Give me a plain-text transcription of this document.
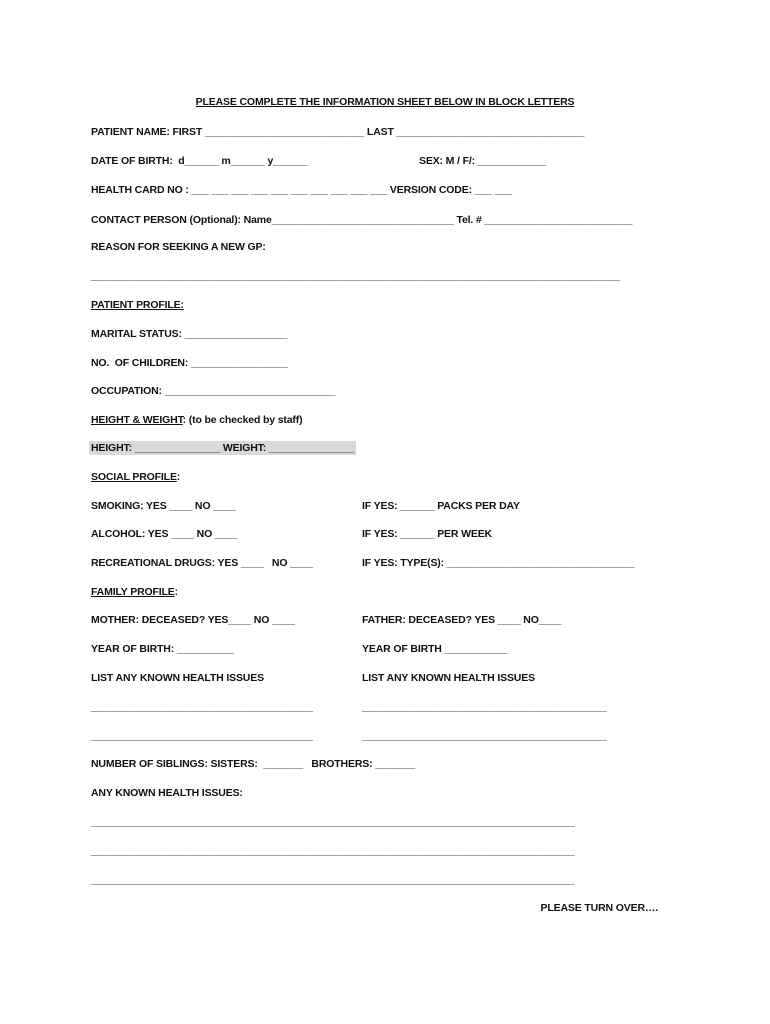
PLEASE COMPLETE THE INFORMATION SHEET BELOW IN BLOCK LETTERS
PATIENT NAME: FIRST ____________________________ LAST _________________________________
DATE OF BIRTH:  d______ m______ y______	SEX: M / F/: ____________
HEALTH CARD NO : ___ ___ ___ ___ ___ ___ ___ ___ ___ ___ VERSION CODE: ___ ___
CONTACT PERSON (Optional): Name________________________________ Tel. # __________________________
REASON FOR SEEKING A NEW GP:
_____________________________________________________________________________________________
PATIENT PROFILE:
MARITAL STATUS: __________________
NO.  OF CHILDREN: _________________
OCCUPATION: ______________________________
HEIGHT & WEIGHT: (to be checked by staff)
HEIGHT: _______________ WEIGHT: _______________
SOCIAL PROFILE:
SMOKING: YES ____ NO ____	IF YES: ______ PACKS PER DAY
ALCOHOL: YES ____ NO ____	IF YES: ______ PER WEEK
RECREATIONAL DRUGS: YES ____   NO ____	IF YES: TYPE(S): _________________________________
FAMILY PROFILE:
MOTHER: DECEASED? YES____ NO ____	FATHER: DECEASED? YES ____ NO____
YEAR OF BIRTH: __________	YEAR OF BIRTH ___________
LIST ANY KNOWN HEALTH ISSUES	LIST ANY KNOWN HEALTH ISSUES
_______________________________________	___________________________________________
_______________________________________	___________________________________________
NUMBER OF SIBLINGS: SISTERS:  _______   BROTHERS: _______
ANY KNOWN HEALTH ISSUES:
_____________________________________________________________________________________
_____________________________________________________________________________________
_____________________________________________________________________________________
PLEASE TURN OVER….
